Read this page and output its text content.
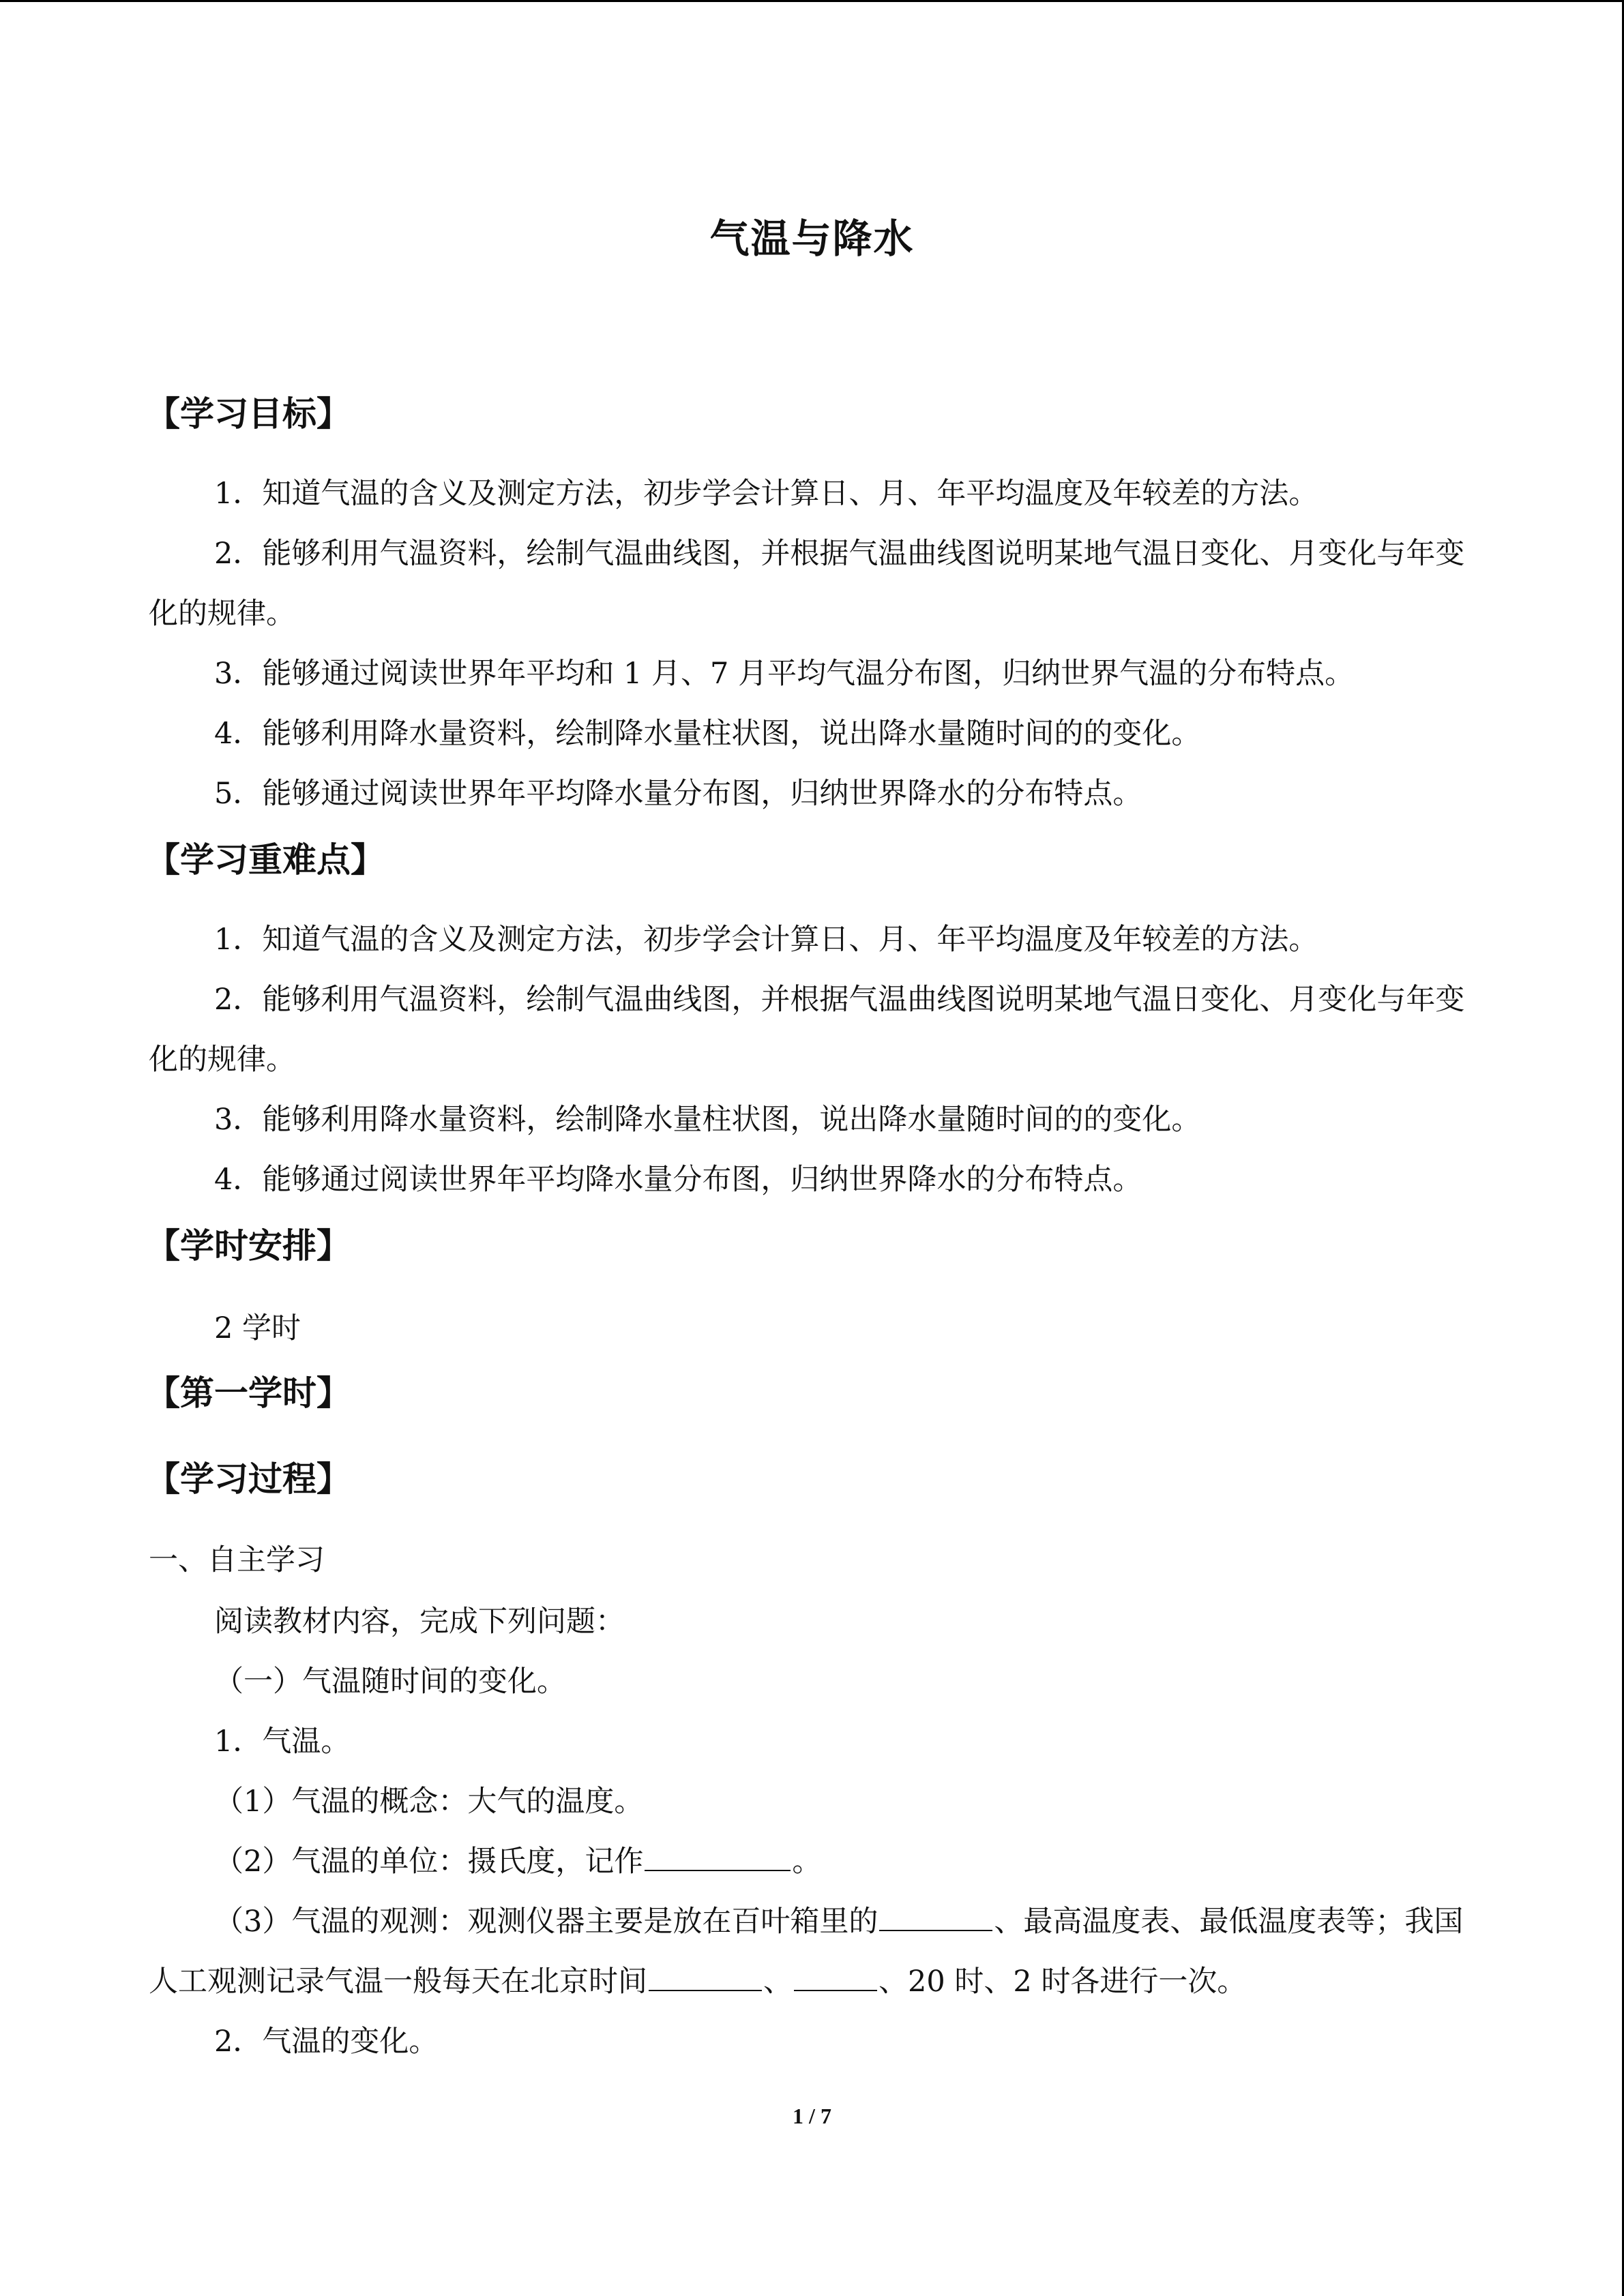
气温与降水
【学习目标】

1．知道气温的含义及测定方法，初步学会计算日、月、年平均温度及年较差的方法。

2．能够利用气温资料，绘制气温曲线图，并根据气温曲线图说明某地气温日变化、月变化与年变化的规律。

3．能够通过阅读世界年平均和 1 月、7 月平均气温分布图，归纳世界气温的分布特点。

4．能够利用降水量资料，绘制降水量柱状图，说出降水量随时间的的变化。

5．能够通过阅读世界年平均降水量分布图，归纳世界降水的分布特点。

【学习重难点】

1．知道气温的含义及测定方法，初步学会计算日、月、年平均温度及年较差的方法。

2．能够利用气温资料，绘制气温曲线图，并根据气温曲线图说明某地气温日变化、月变化与年变化的规律。

3．能够利用降水量资料，绘制降水量柱状图，说出降水量随时间的的变化。

4．能够通过阅读世界年平均降水量分布图，归纳世界降水的分布特点。

【学时安排】

2 学时

【第一学时】
【学习过程】

一、自主学习

阅读教材内容，完成下列问题：

（一）气温随时间的变化。

1．气温。

（1）气温的概念：大气的温度。

（2）气温的单位：摄氏度，记作	。

（3）气温的观测：观测仪器主要是放在百叶箱里的	、最高温度表、最低温度表等；我国人工观测记录气温一般每天在北京时间	、	、20 时、2 时各进行一次。

2．气温的变化。

1 / 7
